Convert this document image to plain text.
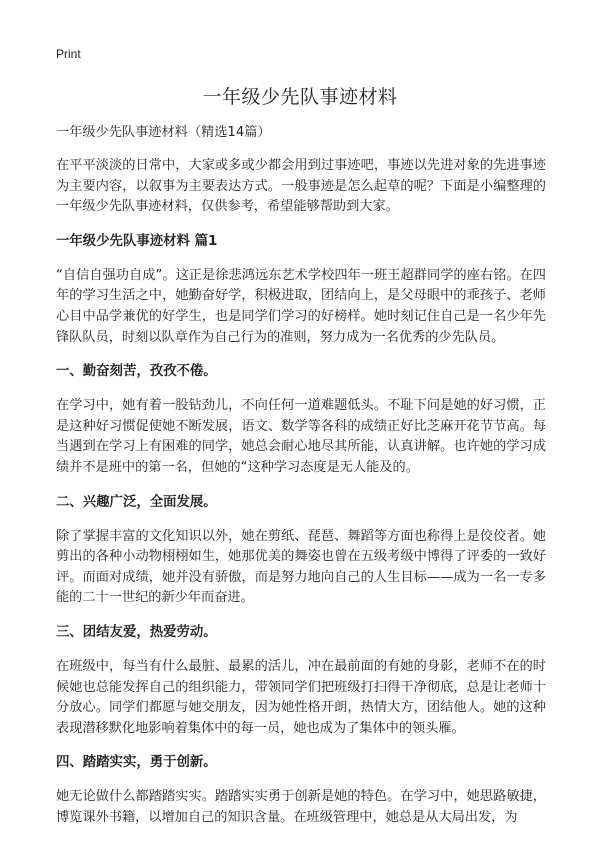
Print
一年级少先队事迹材料
一年级少先队事迹材料（精选14篇）

在平平淡淡的日常中，大家或多或少都会用到过事迹吧，事迹以先进对象的先进事迹为主要内容，以叙事为主要表达方式。一般事迹是怎么起草的呢？下面是小编整理的一年级少先队事迹材料，仅供参考，希望能够帮助到大家。

一年级少先队事迹材料 篇1

“自信自强功自成”。这正是徐悲鸿远东艺术学校四年一班王超群同学的座右铭。在四年的学习生活之中，她勤奋好学，积极进取，团结向上，是父母眼中的乖孩子、老师心目中品学兼优的好学生，也是同学们学习的好榜样。她时刻记住自己是一名少年先锋队队员，时刻以队章作为自己行为的准则，努力成为一名优秀的少先队员。

一、勤奋刻苦，孜孜不倦。

在学习中，她有着一股钻劲儿，不向任何一道难题低头。不耻下问是她的好习惯，正是这种好习惯促使她不断发展，语文、数学等各科的成绩正好比芝麻开花节节高。每当遇到在学习上有困难的同学，她总会耐心地尽其所能，认真讲解。也许她的学习成绩并不是班中的第一名，但她的“这种学习态度是无人能及的。

二、兴趣广泛，全面发展。

除了掌握丰富的文化知识以外，她在剪纸、琵琶、舞蹈等方面也称得上是佼佼者。她剪出的各种小动物栩栩如生，她那优美的舞姿也曾在五级考级中博得了评委的一致好评。而面对成绩，她并没有骄傲，而是努力地向自己的人生目标——成为一名一专多能的二十一世纪的新少年而奋进。

三、团结友爱，热爱劳动。

在班级中，每当有什么最脏、最累的活儿，冲在最前面的有她的身影，老师不在的时候她也总能发挥自己的组织能力，带领同学们把班级打扫得干净彻底，总是让老师十分放心。同学们都愿与她交朋友，因为她性格开朗，热情大方，团结他人。她的这种表现潜移默化地影响着集体中的每一员，她也成为了集体中的领头雁。

四、踏踏实实，勇于创新。

她无论做什么都踏踏实实。踏踏实实勇于创新是她的特色。在学习中，她思路敏捷，博览课外书籍，以增加自己的知识含量。在班级管理中，她总是从大局出发，为
